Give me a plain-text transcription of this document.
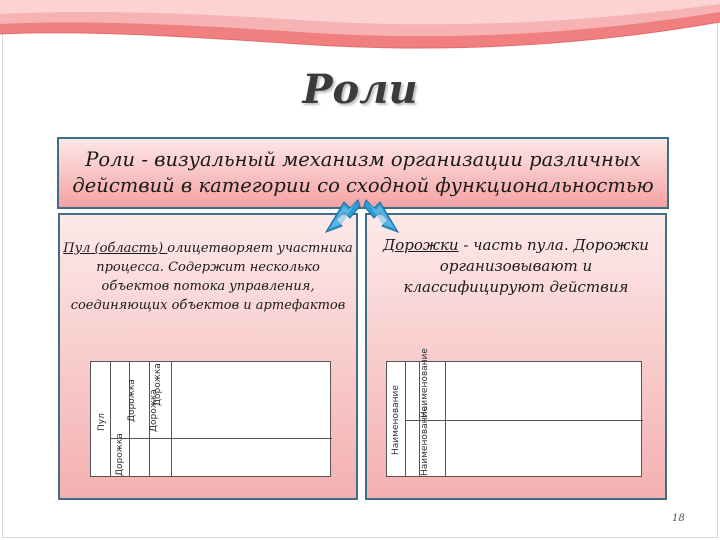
Роли
Роли - визуальный механизм организации различных
действий в категории со сходной функциональностью
Пул (область) олицетворяет участника процесса. Содержит несколько объектов потока управления, соединяющих объектов и артефактов
Дорожки - часть пула. Дорожки организовывают и классифицируют действия
Пул
Дорожка
Дорожка Дорожка
Дорожка
Наименование
Наименование
Наименование
18
